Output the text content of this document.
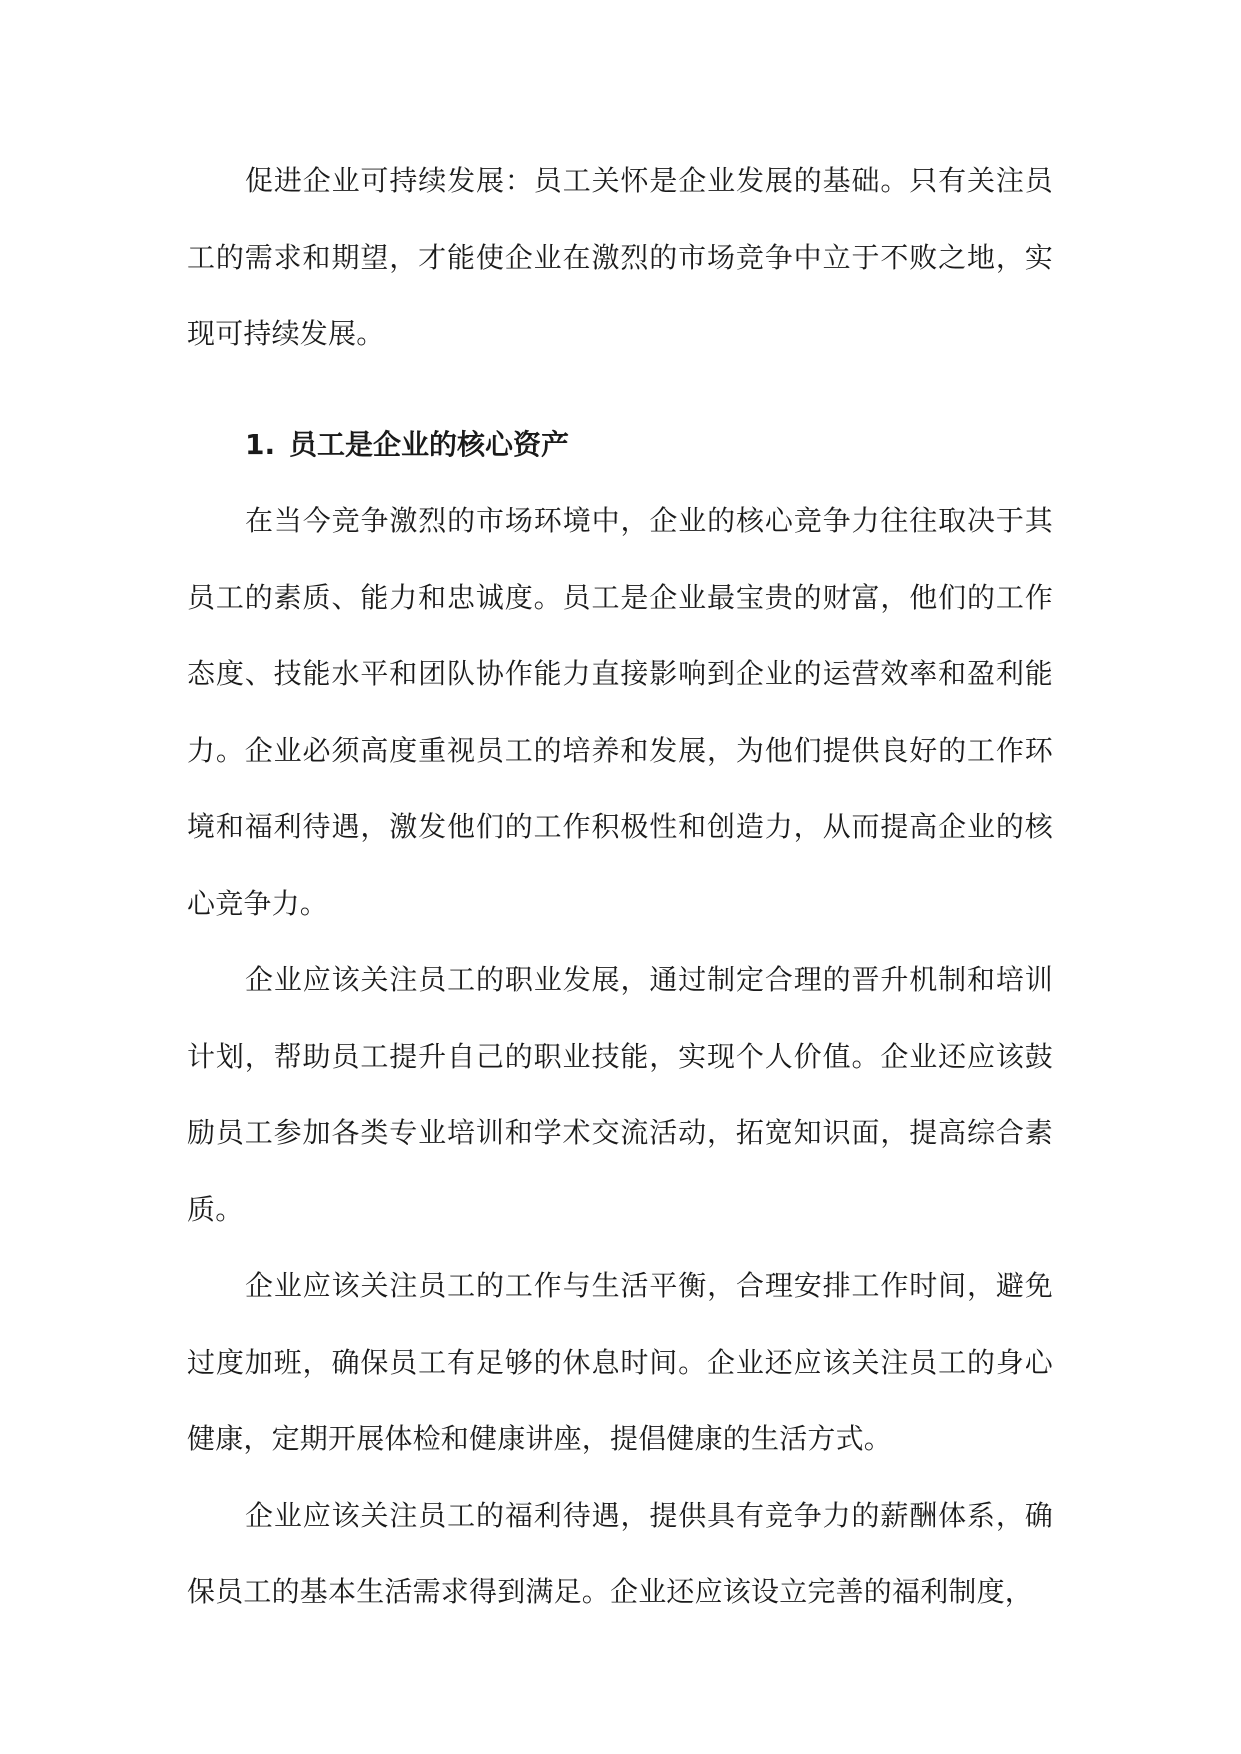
促进企业可持续发展：员工关怀是企业发展的基础。只有关注员工的需求和期望，才能使企业在激烈的市场竞争中立于不败之地，实现可持续发展。

1. 员工是企业的核心资产

在当今竞争激烈的市场环境中，企业的核心竞争力往往取决于其员工的素质、能力和忠诚度。员工是企业最宝贵的财富，他们的工作态度、技能水平和团队协作能力直接影响到企业的运营效率和盈利能力。企业必须高度重视员工的培养和发展，为他们提供良好的工作环境和福利待遇，激发他们的工作积极性和创造力，从而提高企业的核心竞争力。

企业应该关注员工的职业发展，通过制定合理的晋升机制和培训计划，帮助员工提升自己的职业技能，实现个人价值。企业还应该鼓励员工参加各类专业培训和学术交流活动，拓宽知识面，提高综合素质。

企业应该关注员工的工作与生活平衡，合理安排工作时间，避免过度加班，确保员工有足够的休息时间。企业还应该关注员工的身心健康，定期开展体检和健康讲座，提倡健康的生活方式。

企业应该关注员工的福利待遇，提供具有竞争力的薪酬体系，确保员工的基本生活需求得到满足。企业还应该设立完善的福利制度，
